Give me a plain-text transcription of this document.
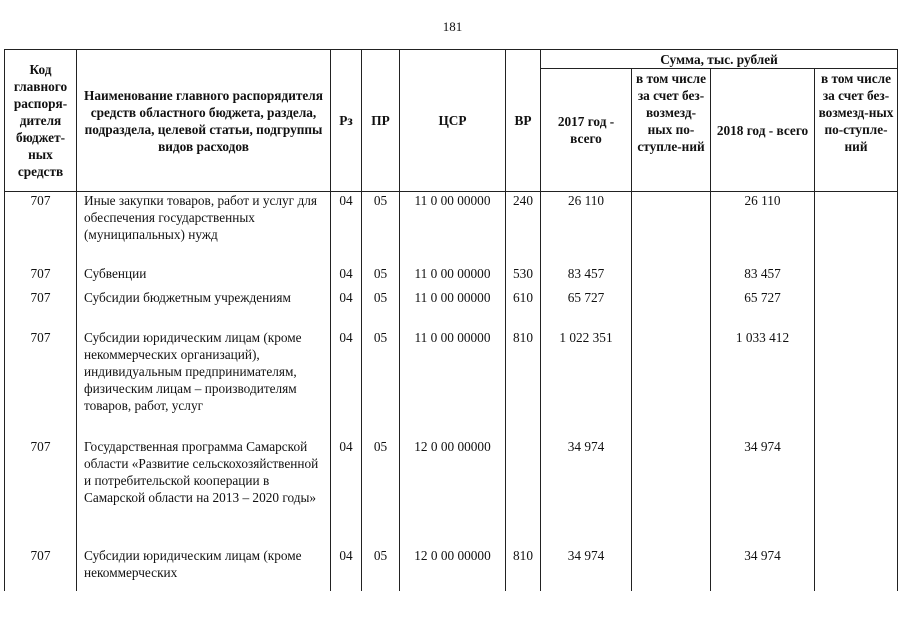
181
Код главного распоря-дителя бюджет-ных средств	Наименование главного распорядителя средств областного бюджета, раздела, подраздела, целевой статьи, подгруппы видов расходов	Рз	ПР	ЦСР	ВР	Сумма, тыс. рублей			
						2017 год - всего	в том числе за счет без-возмезд-ных по-ступле-ний	2018 год - всего	в том числе за счет без-возмезд-ных по-ступле-ний
707	Иные закупки товаров, работ и услуг для обеспечения государственных (муниципальных) нужд	04	05	11 0 00 00000	240	26 110		26 110	
707	Субвенции	04	05	11 0 00 00000	530	83 457		83 457	
707	Субсидии бюджетным учреждениям	04	05	11 0 00 00000	610	65 727		65 727	
707	Субсидии юридическим лицам (кроме некоммерческих организаций), индивидуальным предпринимателям, физическим лицам – производителям товаров, работ, услуг	04	05	11 0 00 00000	810	1 022 351		1 033 412	
707	Государственная программа Самарской области «Развитие сельскохозяйственной и потребительской кооперации в Самарской области на 2013 – 2020 годы»	04	05	12 0 00 00000		34 974		34 974	
707	Субсидии юридическим лицам (кроме некоммерческих	04	05	12 0 00 00000	810	34 974		34 974	
